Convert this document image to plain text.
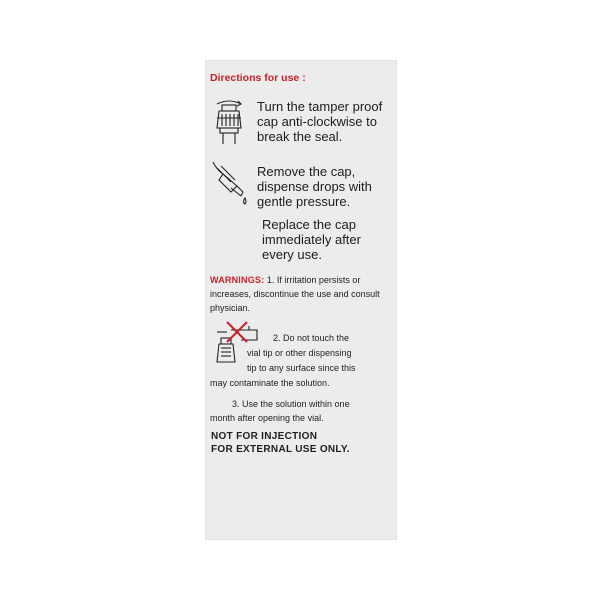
Directions for use :
Turn the tamper proof cap anti-clockwise to break the seal.
Remove the cap, dispense drops with gentle pressure.
Replace the cap immediately after every use.
WARNINGS: 1. If irritation persists or increases, discontinue the use and consult physician.
2. Do not touch the
vial tip or other dispensing
tip to any surface since this
may contaminate the solution.
3. Use the solution within one
month after opening the vial.
NOT FOR INJECTION
FOR EXTERNAL USE ONLY.
